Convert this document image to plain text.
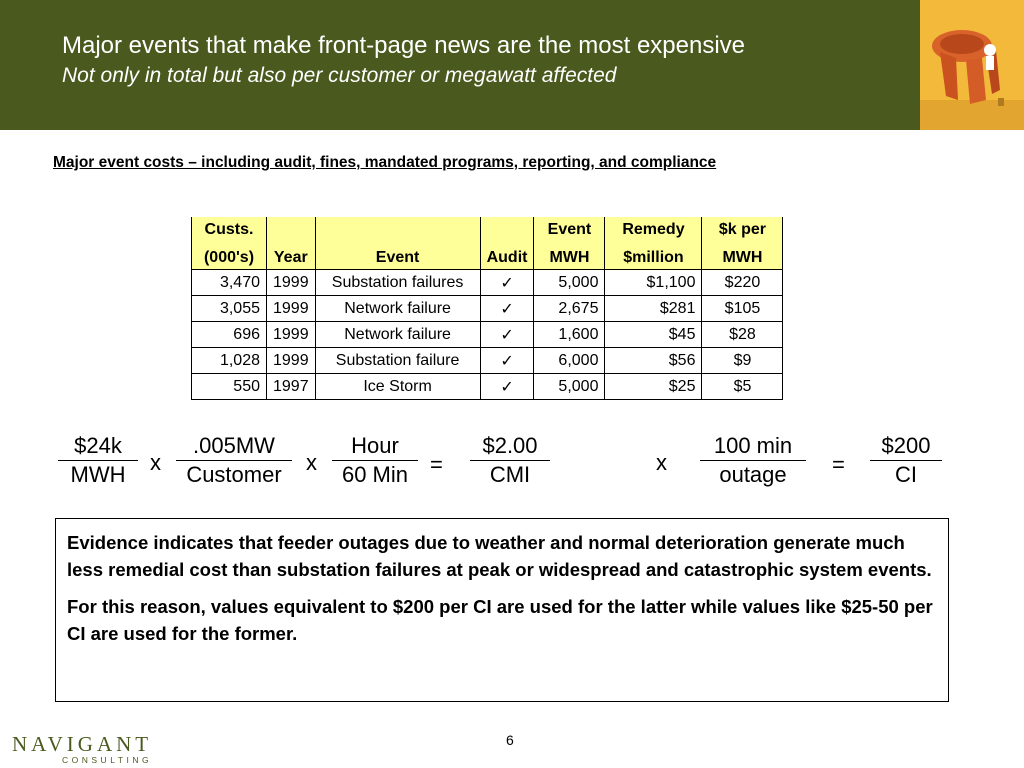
Major events that make front-page news are the most expensive
Not only in total but also per customer or megawatt affected
Major event costs – including audit, fines, mandated programs, reporting, and compliance
Custs.				Event	Remedy	$k per
(000's)	Year	Event	Audit	MWH	$million	MWH
3,470	1999	Substation failures	✓	5,000	$1,100	$220
3,055	1999	Network failure	✓	2,675	$281	$105
696	1999	Network failure	✓	1,600	$45	$28
1,028	1999	Substation failure	✓	6,000	$56	$9
550	1997	Ice Storm	✓	5,000	$25	$5
$24k
MWH	x
.005MW
Customer	x
Hour
60 Min =
$2.00
CMI	x
100 min
outage	= $\frac{\$200}{CI}$

Evidence indicates that feeder outages due to weather and normal deterioration generate much less remedial cost than substation failures at peak or widespread and catastrophic system events.

For this reason, values equivalent to $200 per CI are used for the latter while values like $25-50 per CI are used for the former.

NAVIGANT
CONSULTING
6
